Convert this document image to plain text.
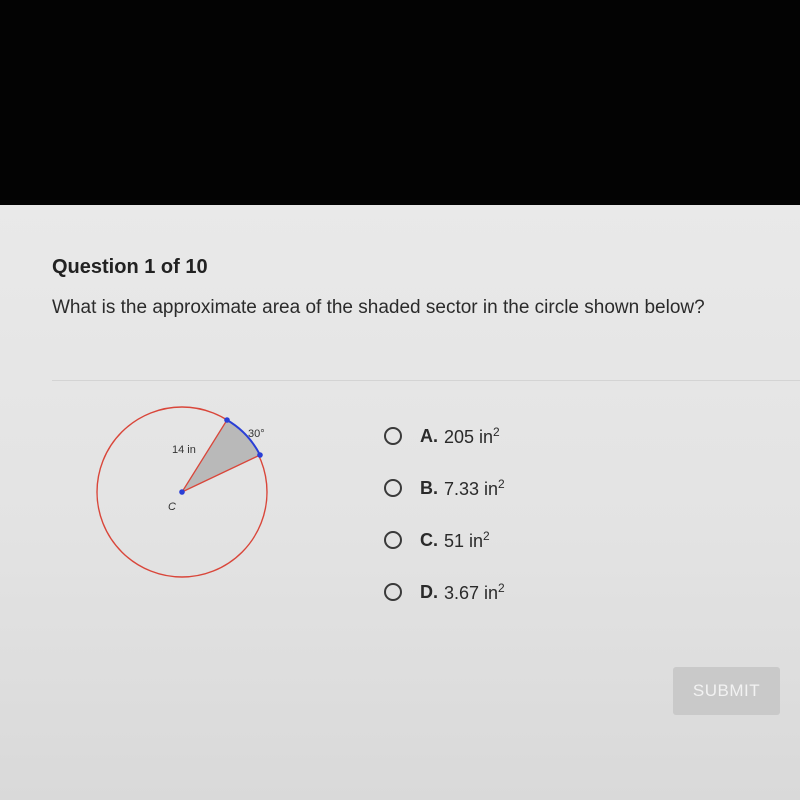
Question 1 of 10

What is the approximate area of the shaded sector in the circle shown below?

14 in
30°
C
A. 205 $in^2$
B. 7.33 $in^2$
C. 51 $in^2$
D. 3.67 $in^2$
SUBMIT
